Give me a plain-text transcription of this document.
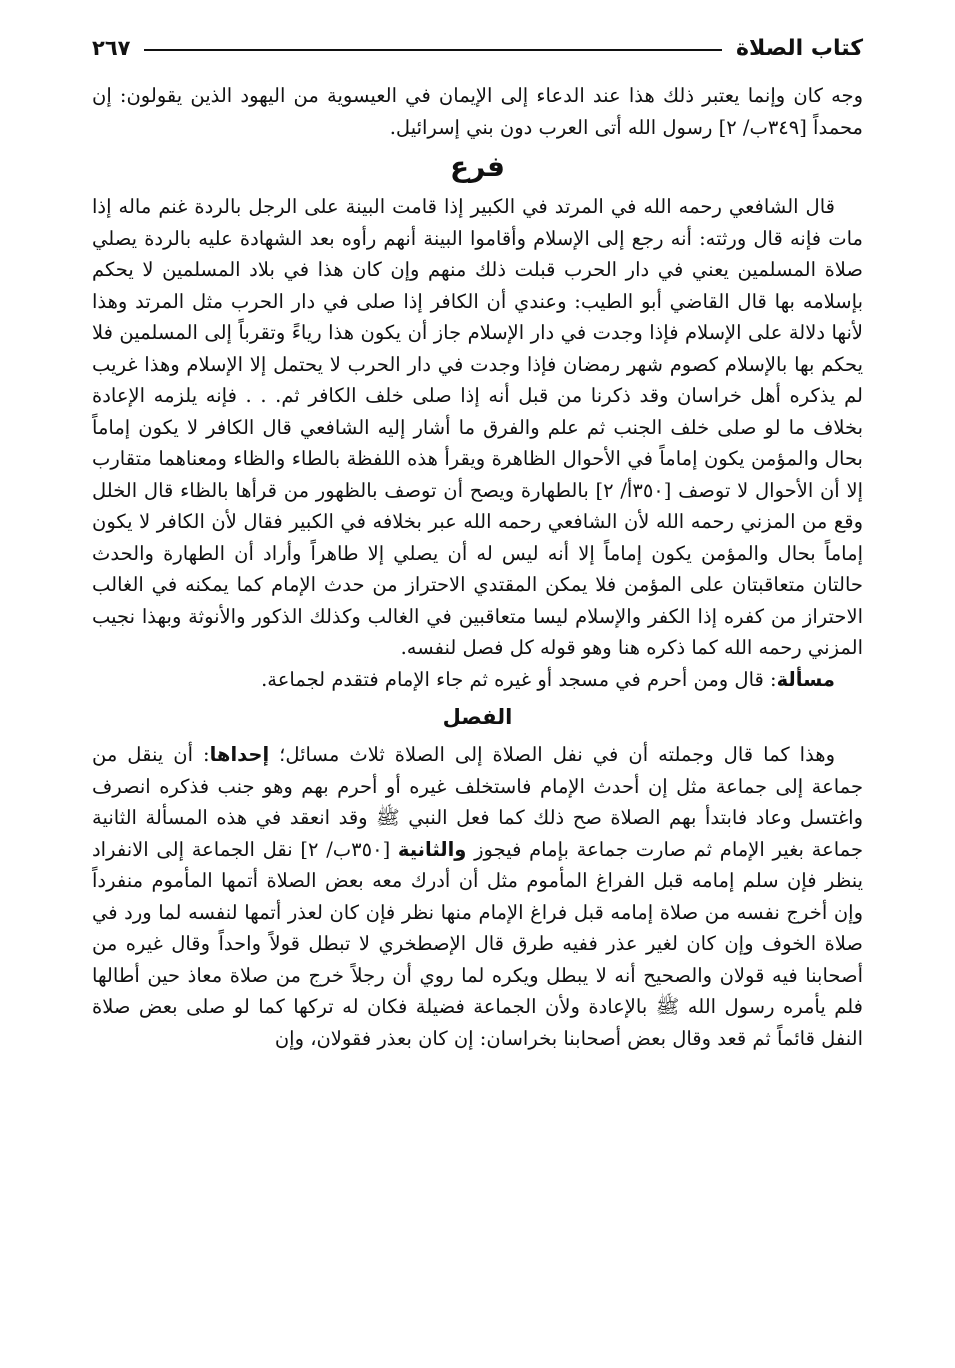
كتاب الصلاة
٢٦٧

وجه كان وإنما يعتبر ذلك هذا عند الدعاء إلى الإيمان في العيسوية من اليهود الذين يقولون: إن محمداً [٣٤٩ب/ ٢] رسول الله أتى العرب دون بني إسرائيل.

فرع

قال الشافعي رحمه الله في المرتد في الكبير إذا قامت البينة على الرجل بالردة غنم ماله إذا مات فإنه قال ورثته: أنه رجع إلى الإسلام وأقاموا البينة أنهم رأوه بعد الشهادة عليه بالردة يصلي صلاة المسلمين يعني في دار الحرب قبلت ذلك منهم وإن كان هذا في بلاد المسلمين لا يحكم بإسلامه بها قال القاضي أبو الطيب: وعندي أن الكافر إذا صلى في دار الحرب مثل المرتد وهذا لأنها دلالة على الإسلام فإذا وجدت في دار الإسلام جاز أن يكون هذا رياءً وتقرباً إلى المسلمين فلا يحكم بها بالإسلام كصوم شهر رمضان فإذا وجدت في دار الحرب لا يحتمل إلا الإسلام وهذا غريب لم يذكره أهل خراسان وقد ذكرنا من قبل أنه إذا صلى خلف الكافر ثم. . . فإنه يلزمه الإعادة بخلاف ما لو صلى خلف الجنب ثم علم والفرق ما أشار إليه الشافعي قال الكافر لا يكون إماماً بحال والمؤمن يكون إماماً في الأحوال الظاهرة ويقرأ هذه اللفظة بالطاء والظاء ومعناهما متقارب إلا أن الأحوال لا توصف [٣٥٠أ/ ٢] بالطهارة ويصح أن توصف بالظهور من قرأها بالظاء قال الخلل وقع من المزني رحمه الله لأن الشافعي رحمه الله عبر بخلافه في الكبير فقال لأن الكافر لا يكون إماماً بحال والمؤمن يكون إماماً إلا أنه ليس له أن يصلي إلا طاهراً وأراد أن الطهارة والحدث حالتان متعاقبتان على المؤمن فلا يمكن المقتدي الاحتراز من حدث الإمام كما يمكنه في الغالب الاحتراز من كفره إذا الكفر والإسلام ليسا متعاقبين في الغالب وكذلك الذكور والأنوثة وبهذا نجيب المزني رحمه الله كما ذكره هنا وهو قوله كل فصل لنفسه.

مسألة: قال ومن أحرم في مسجد أو غيره ثم جاء الإمام فتقدم لجماعة.

الفصل

وهذا كما قال وجملته أن في نفل الصلاة إلى الصلاة ثلاث مسائل؛ إحداها: أن ينقل من جماعة إلى جماعة مثل إن أحدث الإمام فاستخلف غيره أو أحرم بهم وهو جنب فذكره انصرف واغتسل وعاد فابتدأ بهم الصلاة صح ذلك كما فعل النبي ﷺ وقد انعقد في هذه المسألة الثانية جماعة بغير الإمام ثم صارت جماعة بإمام فيجوز والثانية [٣٥٠ب/ ٢] نقل الجماعة إلى الانفراد ينظر فإن سلم إمامه قبل الفراغ المأموم مثل أن أدرك معه بعض الصلاة أتمها المأموم منفرداً وإن أخرج نفسه من صلاة إمامه قبل فراغ الإمام منها نظر فإن كان لعذر أتمها لنفسه لما ورد في صلاة الخوف وإن كان لغير عذر ففيه طرق قال الإصطخري لا تبطل قولاً واحداً وقال غيره من أصحابنا فيه قولان والصحيح أنه لا يبطل ويكره لما روي أن رجلاً خرج من صلاة معاذ حين أطالها فلم يأمره رسول الله ﷺ بالإعادة ولأن الجماعة فضيلة فكان له تركها كما لو صلى بعض صلاة النفل قائماً ثم قعد وقال بعض أصحابنا بخراسان: إن كان بعذر فقولان، وإن
